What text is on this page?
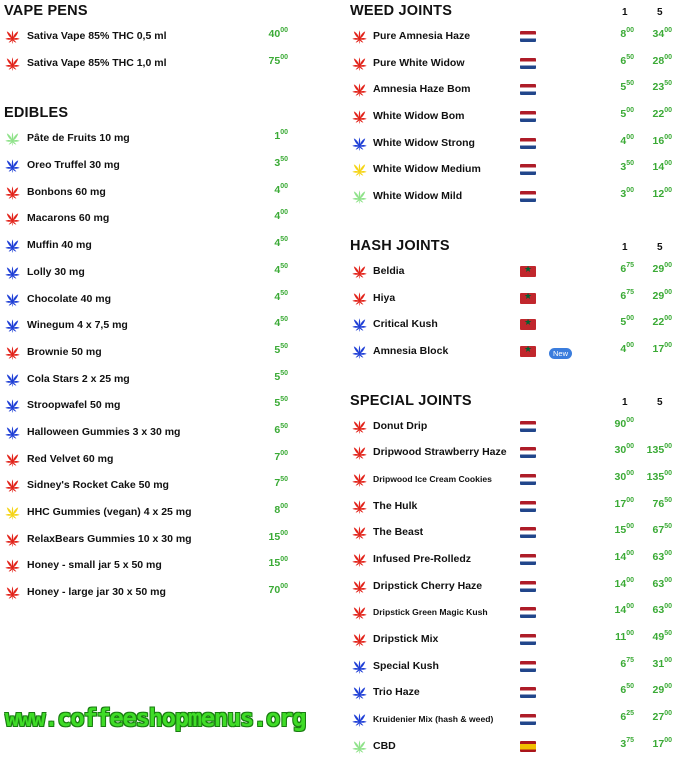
VAPE PENS
Sativa Vape 85% THC 0,5 ml	$40^{00}$
Sativa Vape 85% THC 1,0 ml	$75^{00}$
EDIBLES
Pâte de Fruits 10 mg	$1^{00}$
Oreo Truffel 30 mg	$3^{50}$
Bonbons 60 mg	$4^{00}$
Macarons 60 mg	$4^{00}$
Muffin 40 mg	$4^{50}$
Lolly 30 mg	$4^{50}$
Chocolate 40 mg	$4^{50}$
Winegum 4 x 7,5 mg	$4^{50}$
Brownie 50 mg	$5^{50}$
Cola Stars 2 x 25 mg	$5^{50}$
Stroopwafel 50 mg	$5^{50}$
Halloween Gummies 3 x 30 mg	$6^{50}$
Red Velvet 60 mg	$7^{00}$
Sidney's Rocket Cake 50 mg	$7^{50}$
HHC Gummies (vegan) 4 x 25 mg	$8^{00}$
RelaxBears Gummies 10 x 30 mg	$15^{00}$
Honey - small jar 5 x 50 mg	$15^{00}$
Honey - large jar 30 x 50 mg	$70^{00}$
WEED JOINTS	1	5
Pure Amnesia Haze	$8^{00}$ $34^{00}$
Pure White Widow	$6^{50}$ $28^{00}$
Amnesia Haze Bom	$5^{50}$ $23^{50}$
White Widow Bom	$5^{00}$ $22^{00}$
White Widow Strong	$4^{00}$ $16^{00}$
White Widow Medium	$3^{50}$ $14^{00}$
White Widow Mild	$3^{00}$ $12^{00}$
HASH JOINTS	1	5
Beldia ★	$6^{75}$ $29^{00}$
Hiya ★	$6^{75}$ $29^{00}$
Critical Kush ★	$5^{00}$ $22^{00}$
Amnesia Block ★	New	$4^{00}$ $17^{00}$
SPECIAL JOINTS	1	5
Donut Drip	$90^{00}$
Dripwood Strawberry Haze	$30^{00}$ $135^{00}$
Dripwood Ice Cream Cookies	$30^{00}$ $135^{00}$
The Hulk	$17^{00}$ $76^{50}$
The Beast	$15^{00}$ $67^{50}$
Infused Pre-Rolledz	$14^{00}$ $63^{00}$
Dripstick Cherry Haze	$14^{00}$ $63^{00}$
Dripstick Green Magic Kush	$14^{00}$ $63^{00}$
Dripstick Mix	$11^{00}$ $49^{50}$
Special Kush	$6^{75}$ $31^{00}$
Trio Haze	$6^{50}$ $29^{00}$
Kruidenier Mix (hash & weed)	$6^{25}$ $27^{00}$
CBD	$3^{75}$ $17^{00}$
www.coffeeshopmenus.org
